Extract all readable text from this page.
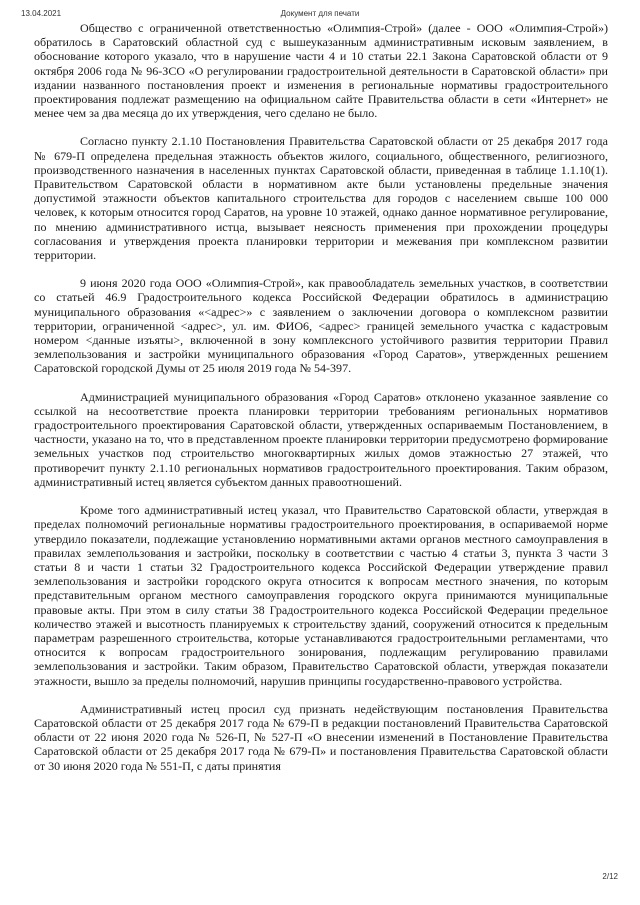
13.04.2021	Документ для печати

Общество с ограниченной ответственностью «Олимпия-Строй» (далее - ООО «Олимпия-Строй») обратилось в Саратовский областной суд с вышеуказанным административным исковым заявлением, в обоснование которого указало, что в нарушение части 4 и 10 статьи 22.1 Закона Саратовской области от 9 октября 2006 года № 96-ЗСО «О регулировании градостроительной деятельности в Саратовской области» при издании названного постановления проект и изменения в региональные нормативы градостроительного проектирования подлежат размещению на официальном сайте Правительства области в сети «Интернет» не менее чем за два месяца до их утверждения, чего сделано не было.

Согласно пункту 2.1.10 Постановления Правительства Саратовской области от 25 декабря 2017 года № 679-П определена предельная этажность объектов жилого, социального, общественного, религиозного, производственного назначения в населенных пунктах Саратовской области, приведенная в таблице 1.1.10(1). Правительством Саратовской области в нормативном акте были установлены предельные значения допустимой этажности объектов капитального строительства для городов с населением свыше 100 000 человек, к которым относится город Саратов, на уровне 10 этажей, однако данное нормативное регулирование, по мнению административного истца, вызывает неясность применения при прохождении процедуры согласования и утверждения проекта планировки территории и межевания при комплексном развитии территории.

9 июня 2020 года ООО «Олимпия-Строй», как правообладатель земельных участков, в соответствии со статьей 46.9 Градостроительного кодекса Российской Федерации обратилось в администрацию муниципального образования «<адрес>» с заявлением о заключении договора о комплексном развитии территории, ограниченной <адрес>, ул. им. ФИО6, <адрес> границей земельного участка с кадастровым номером <данные изъяты>, включенной в зону комплексного устойчивого развития территории Правил землепользования и застройки муниципального образования «Город Саратов», утвержденных решением Саратовской городской Думы от 25 июля 2019 года № 54-397.

Администрацией муниципального образования «Город Саратов» отклонено указанное заявление со ссылкой на несоответствие проекта планировки территории требованиям региональных нормативов градостроительного проектирования Саратовской области, утвержденных оспариваемым Постановлением, в частности, указано на то, что в представленном проекте планировки территории предусмотрено формирование земельных участков под строительство многоквартирных жилых домов этажностью 27 этажей, что противоречит пункту 2.1.10 региональных нормативов градостроительного проектирования. Таким образом, административный истец является субъектом данных правоотношений.

Кроме того административный истец указал, что Правительство Саратовской области, утверждая в пределах полномочий региональные нормативы градостроительного проектирования, в оспариваемой норме утвердило показатели, подлежащие установлению нормативными актами органов местного самоуправления в правилах землепользования и застройки, поскольку в соответствии с частью 4 статьи 3, пункта 3 части 3 статьи 8 и части 1 статьи 32 Градостроительного кодекса Российской Федерации утверждение правил землепользования и застройки городского округа относится к вопросам местного значения, по которым представительным органом местного самоуправления городского округа принимаются муниципальные правовые акты. При этом в силу статьи 38 Градостроительного кодекса Российской Федерации предельное количество этажей и высотность планируемых к строительству зданий, сооружений относится к предельным параметрам разрешенного строительства, которые устанавливаются градостроительными регламентами, что относится к вопросам градостроительного зонирования, подлежащим регулированию правилами землепользования и застройки. Таким образом, Правительство Саратовской области, утверждая показатели этажности, вышло за пределы полномочий, нарушив принципы государственно-правового устройства.

Административный истец просил суд признать недействующим постановления Правительства Саратовской области от 25 декабря 2017 года № 679-П в редакции постановлений Правительства Саратовской области от 22 июня 2020 года № 526-П, № 527-П «О внесении изменений в Постановление Правительства Саратовской области от 25 декабря 2017 года № 679-П» и постановления Правительства Саратовской области от 30 июня 2020 года № 551-П, с даты принятия

2/12
